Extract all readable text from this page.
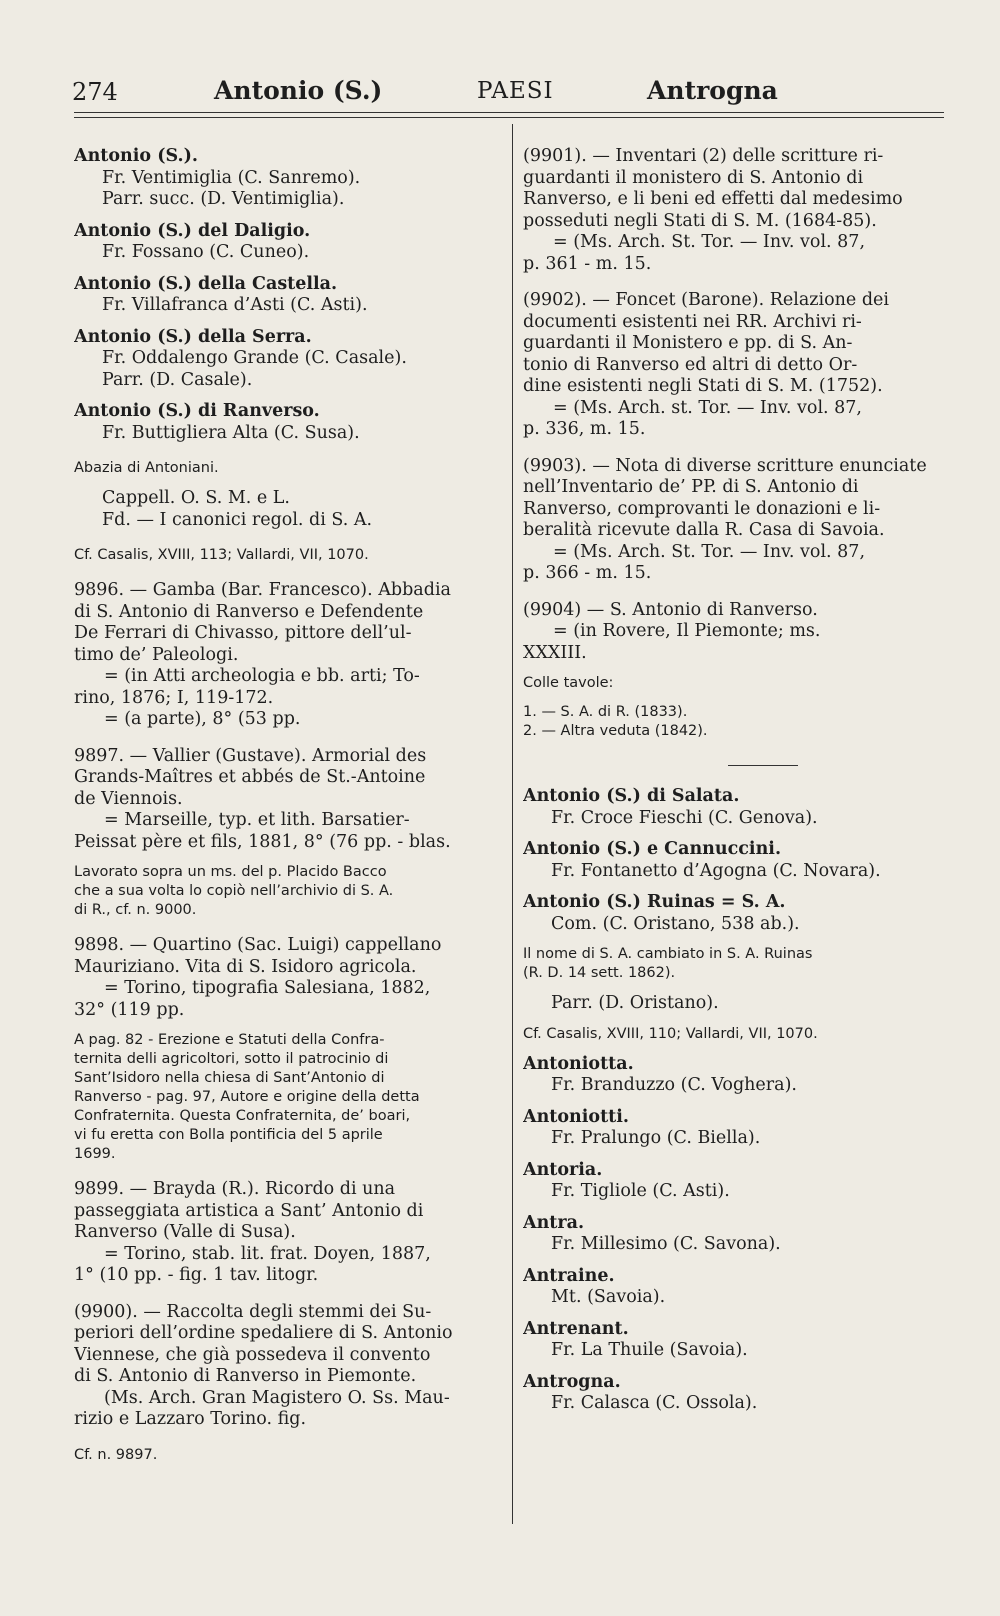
274	Antonio (S.)	PAESI	Antrogna
Antonio (S.).
Fr. Ventimiglia (C. Sanremo).
Parr. succ. (D. Ventimiglia).
Antonio (S.) del Daligio.
Fr. Fossano (C. Cuneo).
Antonio (S.) della Castella.
Fr. Villafranca d’Asti (C. Asti).
Antonio (S.) della Serra.
Fr. Oddalengo Grande (C. Casale).
Parr. (D. Casale).
Antonio (S.) di Ranverso.
Fr. Buttigliera Alta (C. Susa).
Abazia di Antoniani.
Cappell. O. S. M. e L.
Fd. — I canonici regol. di S. A.
Cf. Casalis, XVIII, 113; Vallardi, VII, 1070.
9896. — Gamba (Bar. Francesco). Abbadia
di S. Antonio di Ranverso e Defendente
De Ferrari di Chivasso, pittore dell’ul-
timo de’ Paleologi.
= (in Atti archeologia e bb. arti; To-
rino, 1876; I, 119-172.
= (a parte), 8° (53 pp.
9897. — Vallier (Gustave). Armorial des
Grands-Maîtres et abbés de St.-Antoine
de Viennois.
= Marseille, typ. et lith. Barsatier-
Peissat père et fils, 1881, 8° (76 pp. - blas.
Lavorato sopra un ms. del p. Placido Bacco
che a sua volta lo copiò nell’archivio di S. A.
di R., cf. n. 9000.
9898. — Quartino (Sac. Luigi) cappellano
Mauriziano. Vita di S. Isidoro agricola.
= Torino, tipografia Salesiana, 1882,
32° (119 pp.
A pag. 82 - Erezione e Statuti della Confra-
ternita delli agricoltori, sotto il patrocinio di
Sant’Isidoro nella chiesa di Sant’Antonio di
Ranverso - pag. 97, Autore e origine della detta
Confraternita. Questa Confraternita, de’ boari,
vi fu eretta con Bolla pontificia del 5 aprile
1699.
9899. — Brayda (R.). Ricordo di una
passeggiata artistica a Sant’ Antonio di
Ranverso (Valle di Susa).
= Torino, stab. lit. frat. Doyen, 1887,
1° (10 pp. - fig. 1 tav. litogr.
(9900). — Raccolta degli stemmi dei Su-
periori dell’ordine spedaliere di S. Antonio
Viennese, che già possedeva il convento
di S. Antonio di Ranverso in Piemonte.
(Ms. Arch. Gran Magistero O. Ss. Mau-
rizio e Lazzaro Torino. fig.
Cf. n. 9897.
(9901). — Inventari (2) delle scritture ri-
guardanti il monistero di S. Antonio di
Ranverso, e li beni ed effetti dal medesimo
posseduti negli Stati di S. M. (1684-85).
= (Ms. Arch. St. Tor. — Inv. vol. 87,
p. 361 - m. 15.
(9902). — Foncet (Barone). Relazione dei
documenti esistenti nei RR. Archivi ri-
guardanti il Monistero e pp. di S. An-
tonio di Ranverso ed altri di detto Or-
dine esistenti negli Stati di S. M. (1752).
= (Ms. Arch. st. Tor. — Inv. vol. 87,
p. 336, m. 15.
(9903). — Nota di diverse scritture enunciate
nell’Inventario de’ PP. di S. Antonio di
Ranverso, comprovanti le donazioni e li-
beralità ricevute dalla R. Casa di Savoia.
= (Ms. Arch. St. Tor. — Inv. vol. 87,
p. 366 - m. 15.
(9904) — S. Antonio di Ranverso.
= (in Rovere, Il Piemonte; ms.
XXXIII.
Colle tavole:
1. — S. A. di R. (1833).
2. — Altra veduta (1842).
Antonio (S.) di Salata.
Fr. Croce Fieschi (C. Genova).
Antonio (S.) e Cannuccini.
Fr. Fontanetto d’Agogna (C. Novara).
Antonio (S.) Ruinas = S. A.
Com. (C. Oristano, 538 ab.).
Il nome di S. A. cambiato in S. A. Ruinas
(R. D. 14 sett. 1862).
Parr. (D. Oristano).
Cf. Casalis, XVIII, 110; Vallardi, VII, 1070.
Antoniotta.
Fr. Branduzzo (C. Voghera).
Antoniotti.
Fr. Pralungo (C. Biella).
Antoria.
Fr. Tigliole (C. Asti).
Antra.
Fr. Millesimo (C. Savona).
Antraine.
Mt. (Savoia).
Antrenant.
Fr. La Thuile (Savoia).
Antrogna.
Fr. Calasca (C. Ossola).
